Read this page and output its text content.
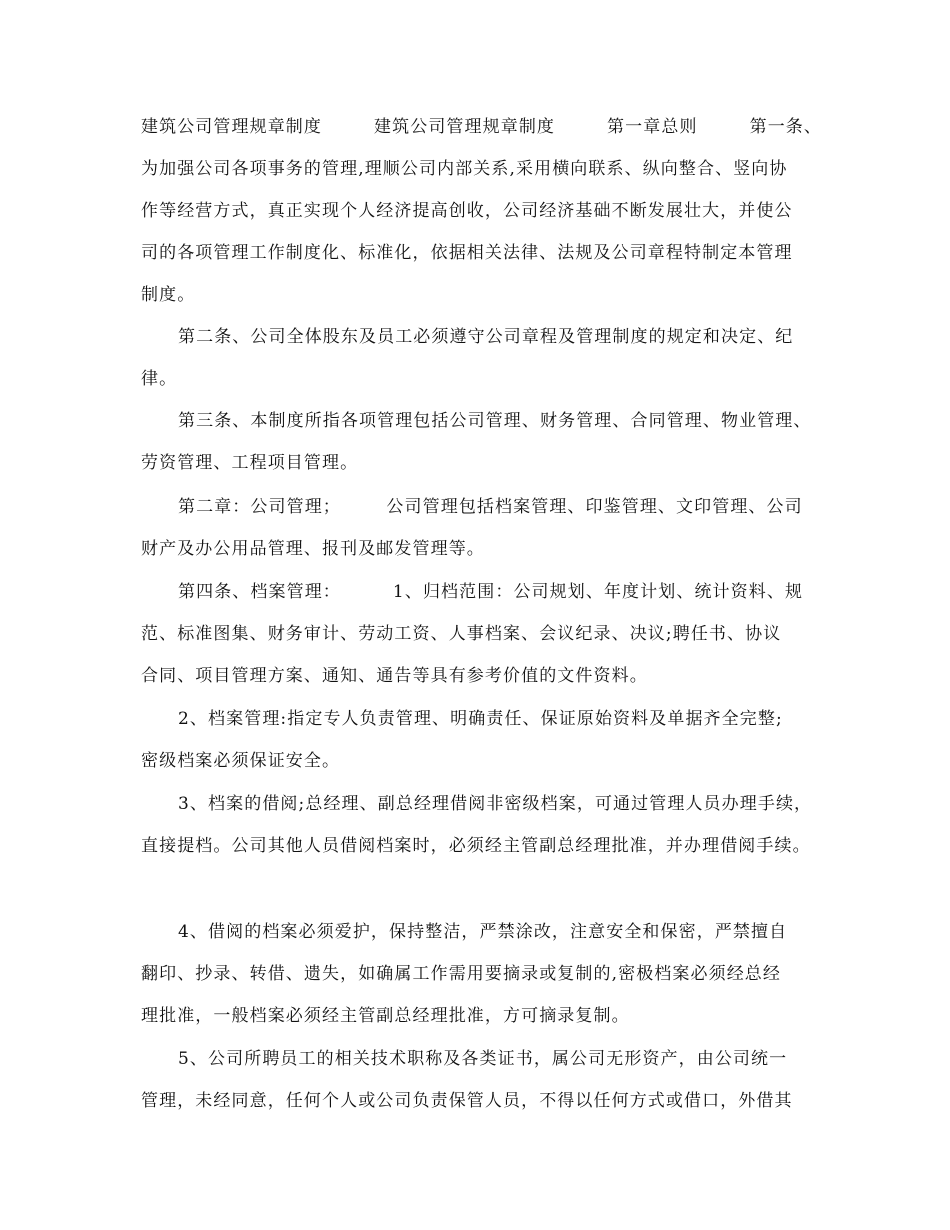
建筑公司管理规章制度        建筑公司管理规章制度        第一章总则        第一条、
为加强公司各项事务的管理,理顺公司内部关系,采用横向联系、纵向整合、竖向协
作等经营方式，真正实现个人经济提高创收，公司经济基础不断发展壮大，并使公
司的各项管理工作制度化、标准化，依据相关法律、法规及公司章程特制定本管理
制度。
第二条、公司全体股东及员工必须遵守公司章程及管理制度的规定和决定、纪
律。
第三条、本制度所指各项管理包括公司管理、财务管理、合同管理、物业管理、
劳资管理、工程项目管理。
第二章：公司管理；       公司管理包括档案管理、印鉴管理、文印管理、公司
财产及办公用品管理、报刊及邮发管理等。
第四条、档案管理：        1、归档范围：公司规划、年度计划、统计资料、规
范、标准图集、财务审计、劳动工资、人事档案、会议纪录、决议;聘任书、协议
合同、项目管理方案、通知、通告等具有参考价值的文件资料。
2、档案管理:指定专人负责管理、明确责任、保证原始资料及单据齐全完整;
密级档案必须保证安全。
3、档案的借阅;总经理、副总经理借阅非密级档案，可通过管理人员办理手续，
直接提档。公司其他人员借阅档案时，必须经主管副总经理批准，并办理借阅手续。
4、借阅的档案必须爱护，保持整洁，严禁涂改，注意安全和保密，严禁擅自
翻印、抄录、转借、遗失，如确属工作需用要摘录或复制的,密极档案必须经总经
理批准，一般档案必须经主管副总经理批准，方可摘录复制。
5、公司所聘员工的相关技术职称及各类证书，属公司无形资产，由公司统一
管理，未经同意，任何个人或公司负责保管人员，不得以任何方式或借口，外借其
